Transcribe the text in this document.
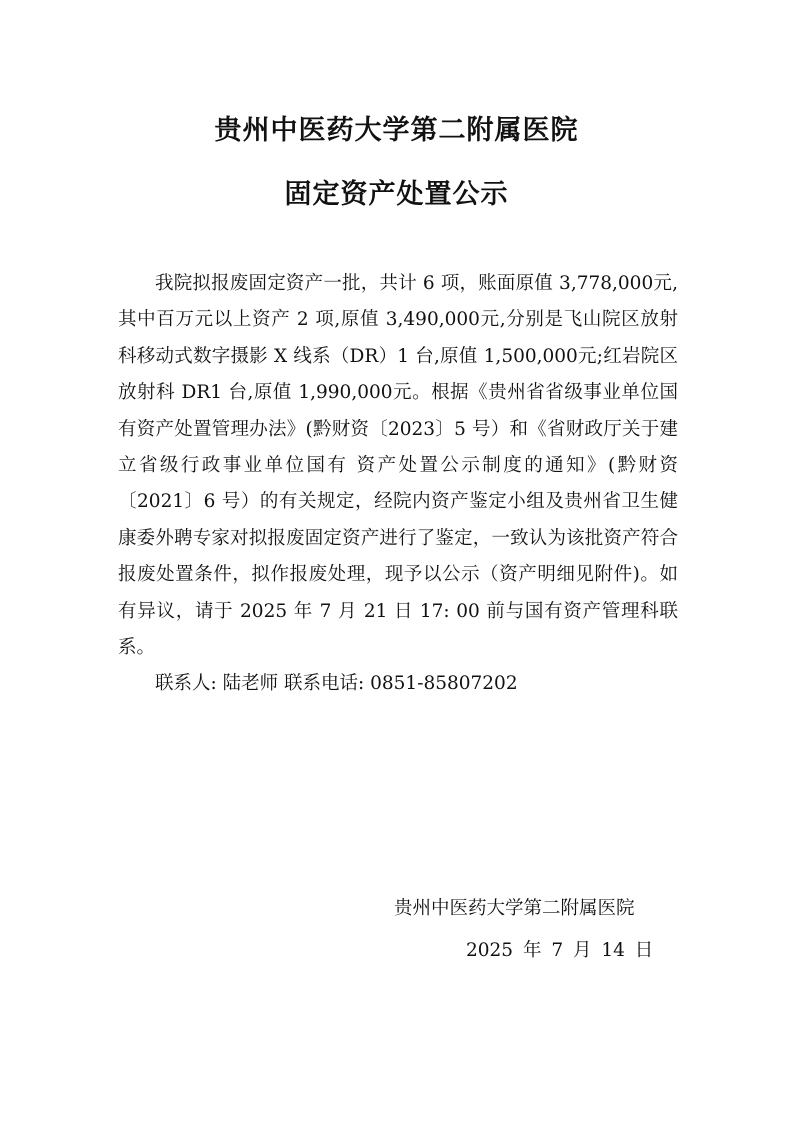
贵州中医药大学第二附属医院
固定资产处置公示

我院拟报废固定资产一批，共计 6 项，账面原值 3,778,000元,其中百万元以上资产 2 项,原值 3,490,000元,分别是飞山院区放射科移动式数字摄影 X 线系（DR）1 台,原值 1,500,000元;红岩院区放射科 DR1 台,原值 1,990,000元。根据《贵州省省级事业单位国有资产处置管理办法》(黔财资〔2023〕5 号）和《省财政厅关于建立省级行政事业单位国有 资产处置公示制度的通知》(黔财资〔2021〕6 号）的有关规定，经院内资产鉴定小组及贵州省卫生健康委外聘专家对拟报废固定资产进行了鉴定，一致认为该批资产符合报废处置条件，拟作报废处理，现予以公示（资产明细见附件)。如有异议，请于 2025 年 7 月 21 日 17: 00 前与国有资产管理科联系。

联系人: 陆老师 联系电话: 0851-85807202

贵州中医药大学第二附属医院
2025 年 7 月 14 日
